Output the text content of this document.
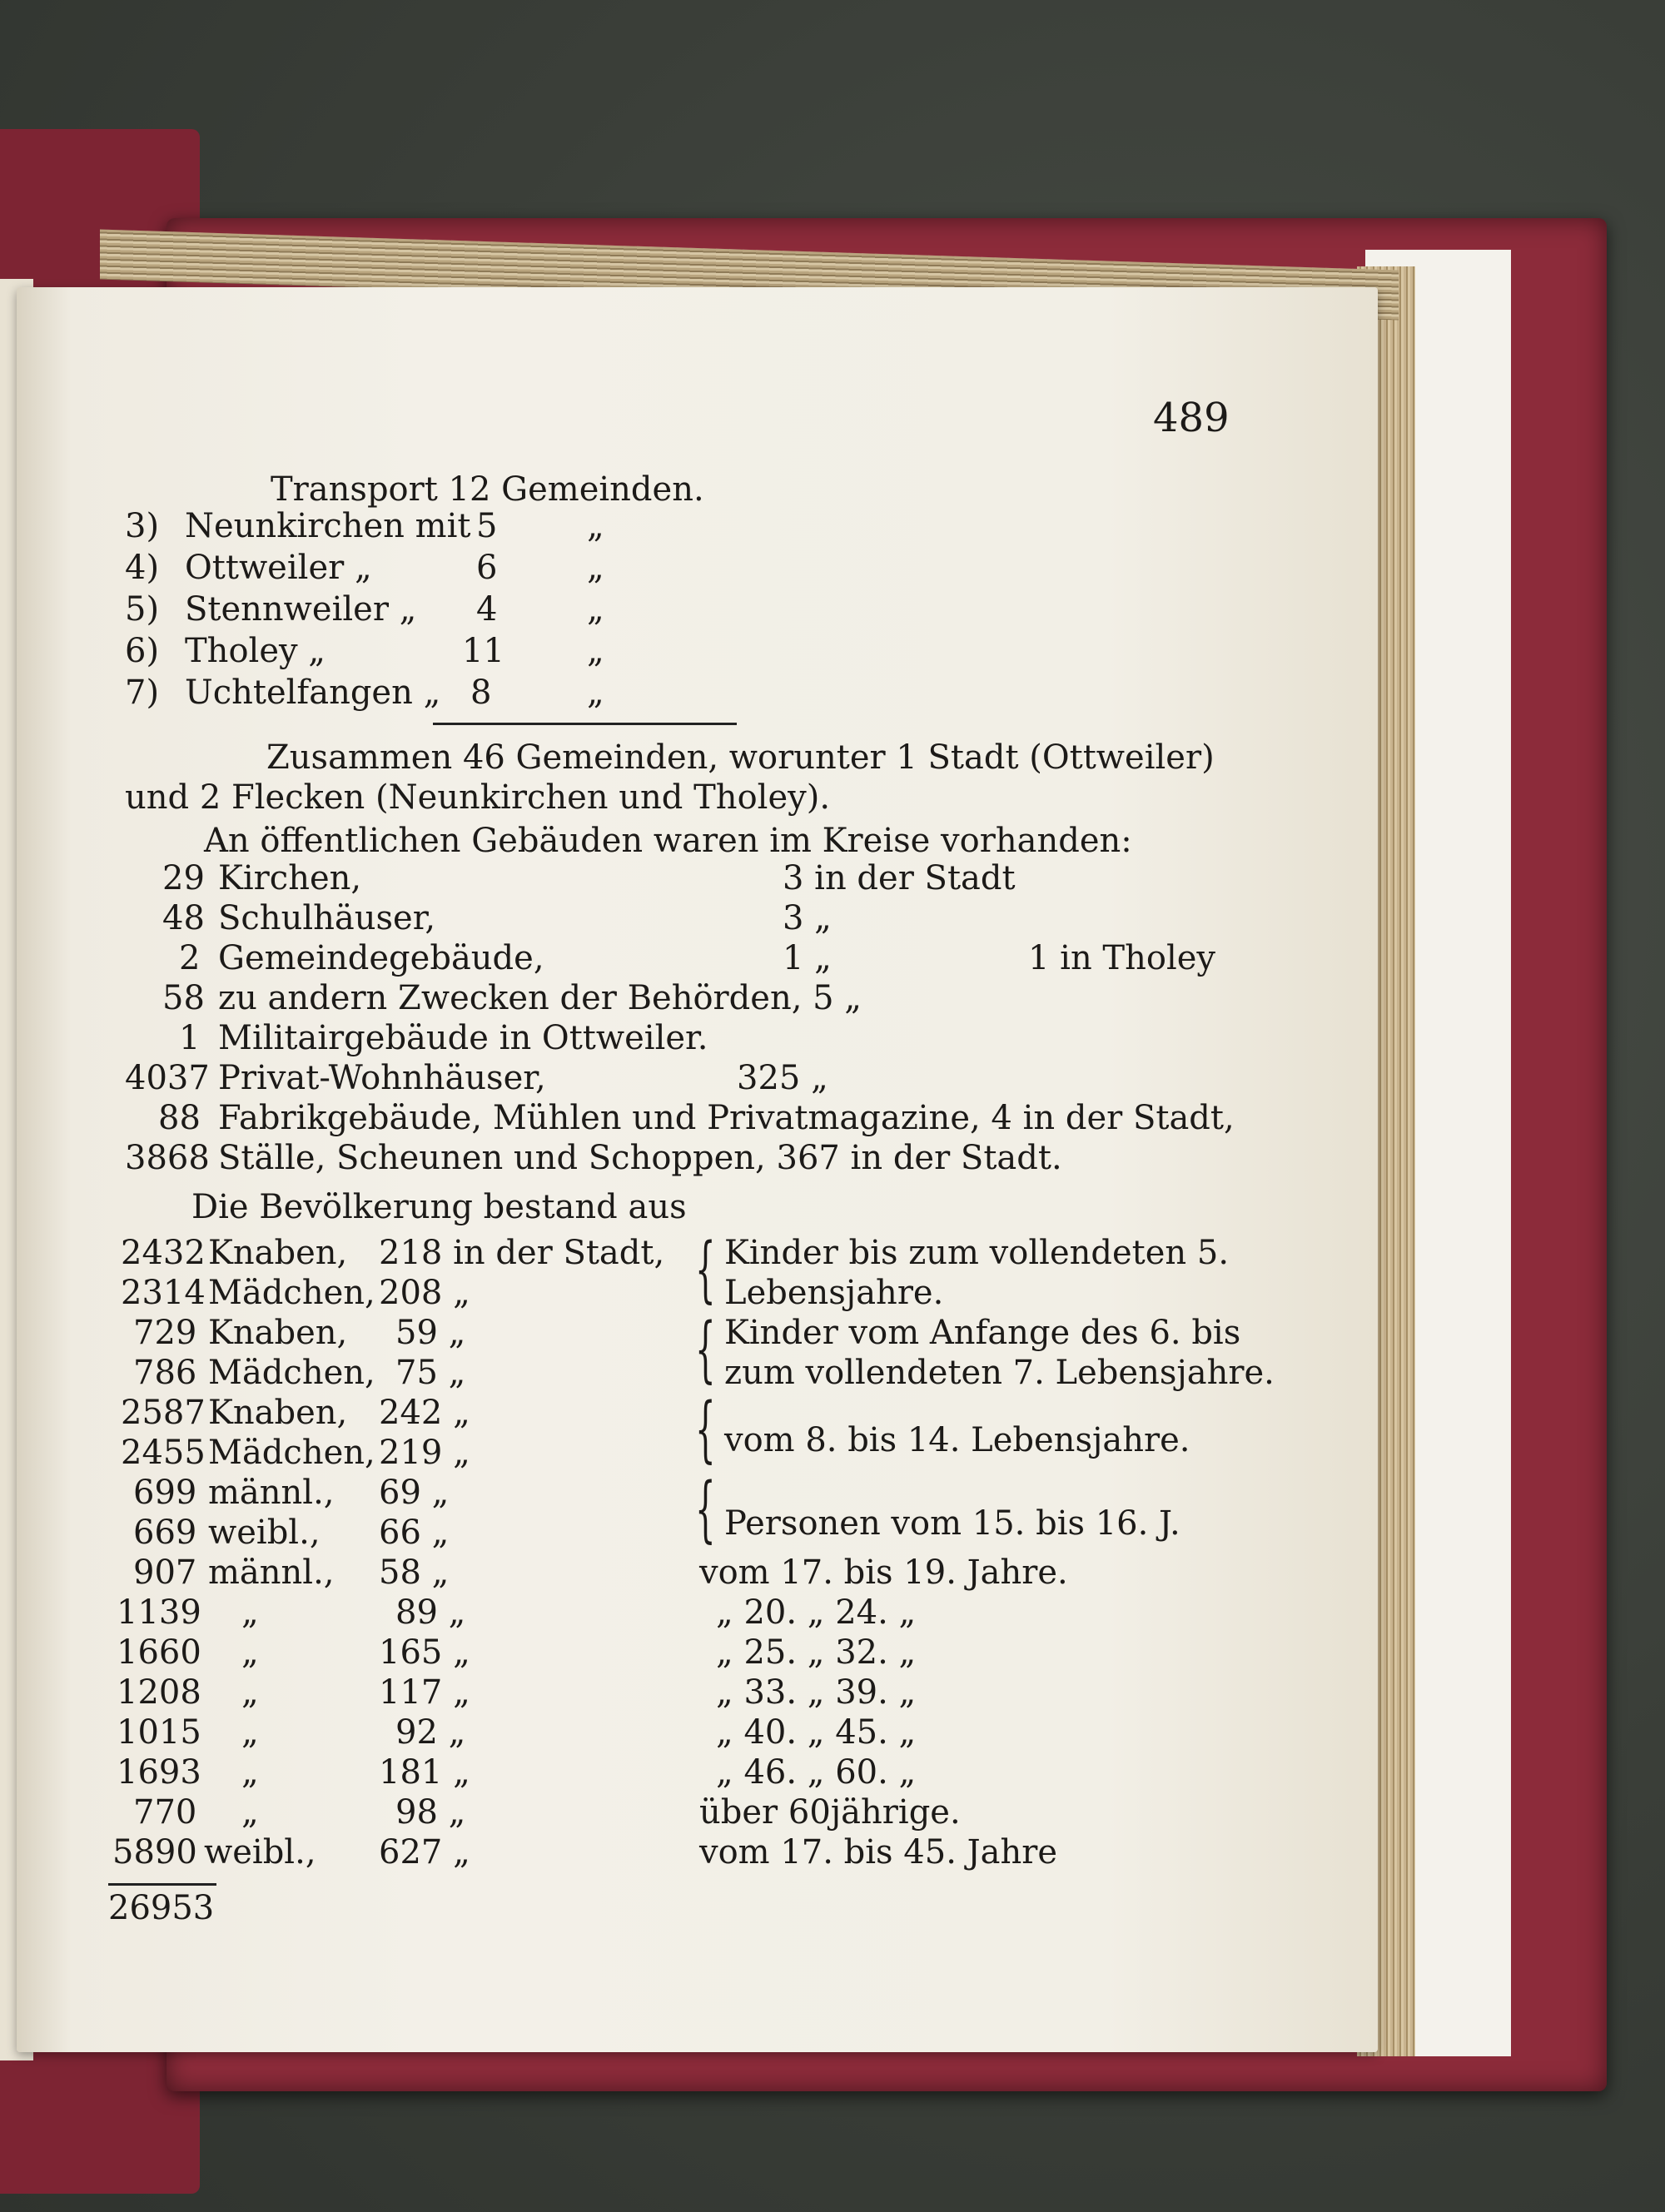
489
Transport 12 Gemeinden.
3) Neunkirchen mit 5	„
4) Ottweiler „	6	„
5) Stennweiler „ 4	„
6) Tholey „	11 „
7) Uchtelfangen „ 8	„
Zusammen 46 Gemeinden, worunter 1 Stadt (Ottweiler)
und 2 Flecken (Neunkirchen und Tholey).
An öffentlichen Gebäuden waren im Kreise vorhanden:
29 Kirchen,	3 in der Stadt
48 Schulhäuser,	3 „
2 Gemeindegebäude,	1 „	1 in Tholey
58 zu andern Zwecken der Behörden, 5 „
1 Militairgebäude in Ottweiler.
4037 Privat-Wohnhäuser,	325 „
88 Fabrikgebäude, Mühlen und Privatmagazine, 4 in der Stadt,
3868 Ställe, Scheunen und Schoppen, 367 in der Stadt.
Die Bevölkerung bestand aus
2432 Knaben, 218 in der Stadt, Kinder bis zum vollendeten 5.
2314 Mädchen, 208 „	Lebensjahre.
729 Knaben, 59 „	Kinder vom Anfange des 6. bis
786 Mädchen, 75 „	zum vollendeten 7. Lebensjahre.
2587 Knaben, 242 „
2455 Mädchen, 219 „	vom 8. bis 14. Lebensjahre.
699 männl., 69 „
669 weibl., 66 „	Personen vom 15. bis 16. J.
907 männl., 58 „	vom 17. bis 19. Jahre.
1139 „	89 „	„ 20. „ 24. „
1660 „	165 „	„ 25. „ 32. „
1208 „	117 „	„ 33. „ 39. „
1015 „	92 „	„ 40. „ 45. „
1693 „	181 „	„ 46. „ 60. „
770 „	98 „	über 60jährige.
5890 weibl., 627 „	vom 17. bis 45. Jahre
26953
{
{
{
{
